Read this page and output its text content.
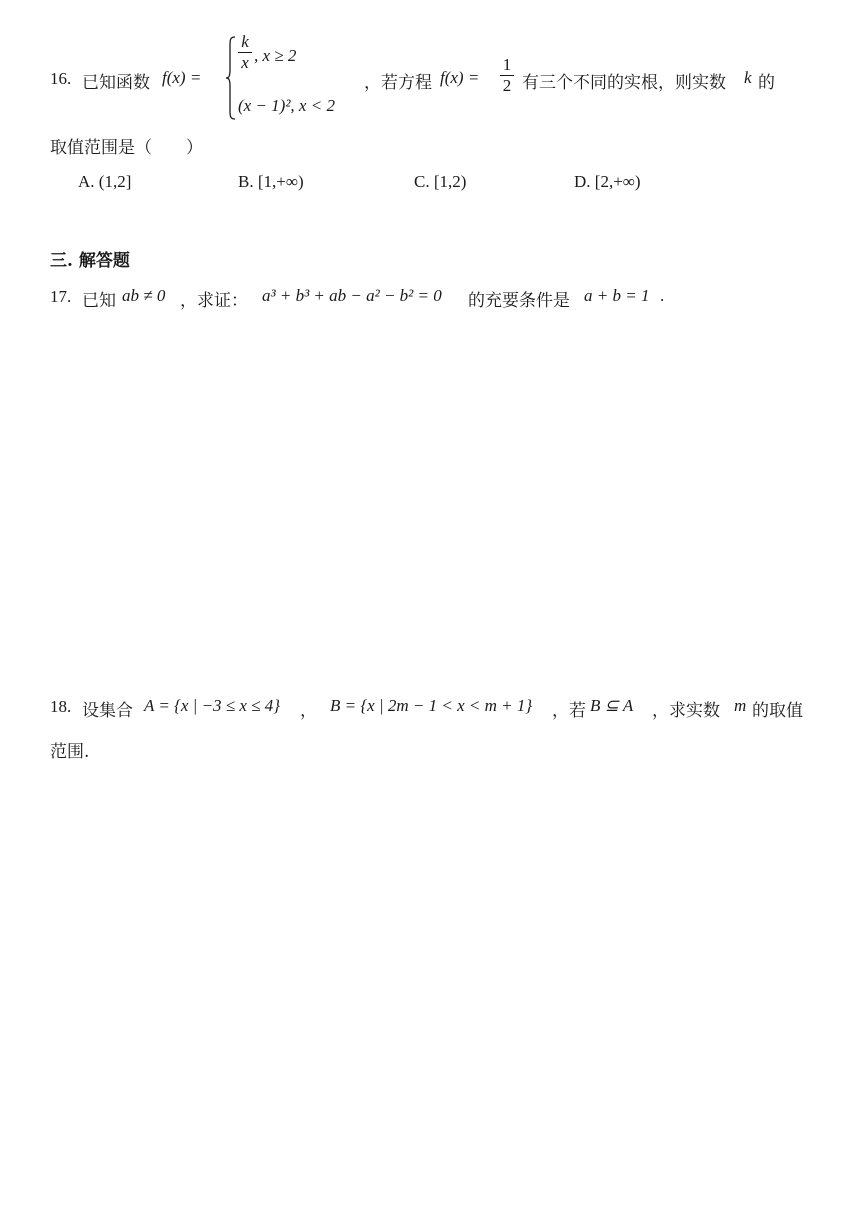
16. 已知函数 f(x) =
k
x , x ≥ 2
(x − 1)², x < 2
，若方程 f(x) =
1
2 有三个不同的实根，则实数 k 的
取值范围是（　　）
A. (1,2]	B. [1,+∞)	C. [1,2)	D. [2,+∞)
三. 解答题
17. 已知 ab ≠ 0 ，求证： a³ + b³ + ab − a² − b² = 0 的充要条件是 a + b = 1 .
18. 设集合 A = {x | −3 ≤ x ≤ 4} ， B = {x | 2m − 1 < x < m + 1} ，若 B ⊆ A ，求实数 m 的取值
范围.
